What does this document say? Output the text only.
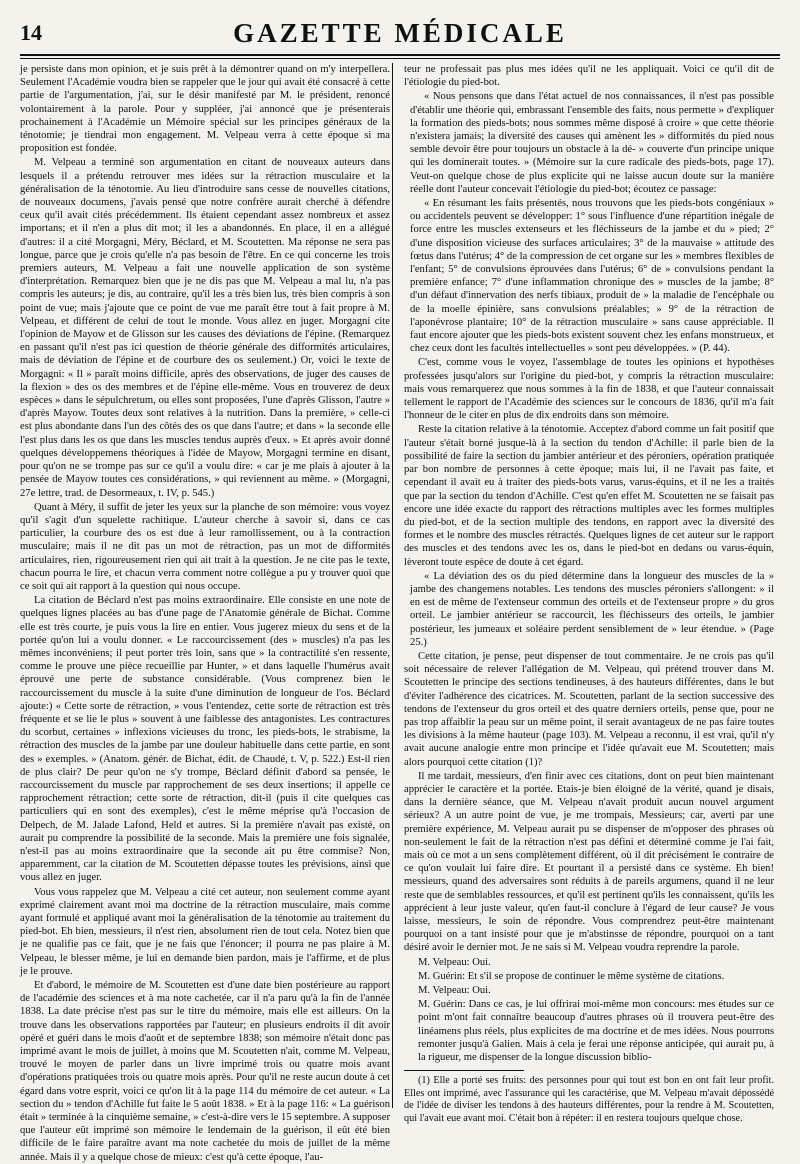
14	GAZETTE MÉDICALE

je persiste dans mon opinion, et je suis prêt à la démontrer quand on m'y interpellera. Seulement l'Académie voudra bien se rappeler que le jour qui avait été consacré à cette partie de l'argumentation, j'ai, sur le désir manifesté par M. le président, renoncé volontairement à la parole. Pour y suppléer, j'ai annoncé que je présenterais prochainement à l'Académie un Mémoire spécial sur les principes généraux de la ténotomie; je tiendrai mon engagement. M. Velpeau verra à cette époque si ma proposition est fondée.

M. Velpeau a terminé son argumentation en citant de nouveaux auteurs dans lesquels il a prétendu retrouver mes idées sur la rétraction musculaire et la généralisation de la ténotomie. Au lieu d'introduire sans cesse de nouvelles citations, de nouveaux documens, j'avais pensé que notre confrère aurait cherché à défendre ceux qu'il avait cités précédemment. Ils étaient cependant assez nombreux et assez importans; et il n'en a plus dit mot; il les a abandonnés. En place, il en a allégué d'autres: il a cité Morgagni, Méry, Béclard, et M. Scoutetten. Ma réponse ne sera pas longue, parce que je crois qu'elle n'a pas besoin de l'être. En ce qui concerne les trois premiers auteurs, M. Velpeau a fait une nouvelle application de son système d'interprétation. Remarquez bien que je ne dis pas que M. Velpeau a mal lu, n'a pas compris les auteurs; je dis, au contraire, qu'il les a très bien lus, très bien compris à son point de vue; mais j'ajoute que ce point de vue me paraît être tout à fait propre à M. Velpeau, et différent de celui de tout le monde. Vous allez en juger. Morgagni cite l'opinion de Mayow et de Glisson sur les causes des déviations de l'épine. (Remarquez en passant qu'il n'est pas ici question de théorie générale des difformités articulaires, mais de déviation de l'épine et de courbure des os seulement.) Or, voici le texte de Morgagni: « Il » paraît moins difficile, après des observations, de juger des causes de la flexion » des os des membres et de l'épine elle-même. Vous en trouverez de deux espèces » dans le sépulchretum, ou elles sont proposées, l'une d'après Glisson, l'autre » d'après Mayow. Toutes deux sont relatives à la nutrition. Dans la première, » celle-ci est plus abondante dans l'un des côtés des os que dans l'autre; et dans » la seconde elle l'est plus dans les os que dans les muscles tendus auprès d'eux. » Et après avoir donné quelques développemens théoriques à l'idée de Mayow, Morgagni termine en disant, pour qu'on ne se trompe pas sur ce qu'il a voulu dire: « car je me plais à ajouter à la pensée de Mayow toutes ces considérations, » qui reviennent au même. » (Morgagni, 27e lettre, trad. de Desormeaux, t. IV, p. 545.)

Quant à Méry, il suffit de jeter les yeux sur la planche de son mémoire: vous voyez qu'il s'agit d'un squelette rachitique. L'auteur cherche à savoir si, dans ce cas particulier, la courbure des os est due à leur ramollissement, ou à la contraction musculaire; mais il ne dit pas un mot de rétraction, pas un mot de difformités articulaires, rien, rigoureusement rien qui ait trait à la question. Je ne cite pas le texte, chacun pourra le lire, et chacun verra comment notre collègue a pu y trouver quoi que ce soit qui ait rapport à la question qui nous occupe.

La citation de Béclard n'est pas moins extraordinaire. Elle consiste en une note de quelques lignes placées au bas d'une page de l'Anatomie générale de Bichat. Comme elle est très courte, je puis vous la lire en entier. Vous jugerez mieux du sens et de la portée qu'on lui a voulu donner. « Le raccourcissement (des » muscles) n'a pas les mêmes inconvéniens; il peut porter très loin, sans que » la contractilité s'en ressente, comme le prouve une pièce recueillie par Hunter, » et dans laquelle l'humérus avait éprouvé une perte de substance considérable. (Vous comprenez bien le raccourcissement du muscle à la suite d'une diminution de longueur de l'os. Béclard ajoute:) « Cette sorte de rétraction, » vous l'entendez, cette sorte de rétraction est très fréquente et se lie le plus » souvent à une faiblesse des antagonistes. Les contractures du scorbut, certaines » inflexions vicieuses du tronc, les pieds-bots, le strabisme, la rétraction des muscles de la jambe par une douleur habituelle dans cette partie, en sont des » exemples. » (Anatom. génér. de Bichat, édit. de Chaudé, t. V, p. 522.) Est-il rien de plus clair? De peur qu'on ne s'y trompe, Béclard définit d'abord sa pensée, le raccourcissement du muscle par rapprochement de ses deux insertions; il appelle ce rapprochement rétraction; cette sorte de rétraction, dit-il (puis il cite quelques cas particuliers qui en sont des exemples), c'est le même méprise qu'à l'occasion de Delpech, de M. Jalade Lafond, Held et autres. Si la première n'avait pas existé, on aurait pu comprendre la possibilité de la seconde. Mais la première une fois signalée, n'est-il pas au moins extraordinaire que la seconde ait pu être commise? Non, apparemment, car la citation de M. Scoutetten dépasse toutes les prévisions, ainsi que vous allez en juger.

Vous vous rappelez que M. Velpeau a cité cet auteur, non seulement comme ayant exprimé clairement avant moi ma doctrine de la rétraction musculaire, mais comme ayant formulé et appliqué avant moi la généralisation de la ténotomie au traitement du pied-bot. Eh bien, messieurs, il n'est rien, absolument rien de tout cela. Notez bien que je ne qualifie pas ce fait, que je ne fais que l'énoncer; il pourra ne pas plaire à M. Velpeau, le blesser même, je lui en demande bien pardon, mais je l'affirme, et de plus je le prouve.

Et d'abord, le mémoire de M. Scoutetten est d'une date bien postérieure au rapport de l'académie des sciences et à ma note cachetée, car il n'a paru qu'à la fin de l'année 1838. La date précise n'est pas sur le titre du mémoire, mais elle est ailleurs. On la trouve dans les observations rapportées par l'auteur; en plusieurs endroits il dit avoir opéré et guéri dans le mois d'août et de septembre 1838; son mémoire n'était donc pas imprimé avant le mois de juillet, à moins que M. Scoutetten n'ait, comme M. Velpeau, trouvé le moyen de parler dans un livre imprimé trois ou quatre mois avant d'opérations pratiquées trois ou quatre mois après. Pour qu'il ne reste aucun doute à cet égard dans votre esprit, voici ce qu'on lit à la page 114 du mémoire de cet auteur. « La section du » tendon d'Achille fut faite le 5 août 1838. » Et à la page 116: « La guérison était » terminée à la cinquième semaine, » c'est-à-dire vers le 15 septembre. A supposer que l'auteur eût imprimé son mémoire le lendemain de la guérison, il eût été bien difficile de le faire paraître avant ma note cachetée du mois de juillet de la même année. Mais il y a quelque chose de mieux: c'est qu'à cette époque, l'au-

teur ne professait pas plus mes idées qu'il ne les appliquait. Voici ce qu'il dit de l'étiologie du pied-bot.

« Nous pensons que dans l'état actuel de nos connaissances, il n'est pas possible d'établir une théorie qui, embrassant l'ensemble des faits, nous permette » d'expliquer la formation des pieds-bots; nous sommes même disposé à croire » que cette théorie n'existera jamais; la diversité des causes qui amènent les » difformités du pied nous semble devoir être pour toujours un obstacle à la dé- » couverte d'un principe unique qui les dominerait toutes. » (Mémoire sur la cure radicale des pieds-bots, page 17). Veut-on quelque chose de plus explicite qui ne laisse aucun doute sur la manière réelle dont l'auteur concevait l'étiologie du pied-bot; écoutez ce passage:

« En résumant les faits présentés, nous trouvons que les pieds-bots congéniaux » ou accidentels peuvent se développer: 1° sous l'influence d'une répartition inégale de force entre les muscles extenseurs et les fléchisseurs de la jambe et du » pied; 2° d'une disposition vicieuse des surfaces articulaires; 3° de la mauvaise » attitude des fœtus dans l'utérus; 4° de la compression de cet organe sur les » membres flexibles de l'enfant; 5° de convulsions éprouvées dans l'utérus; 6° de » convulsions pendant la première enfance; 7° d'une inflammation chronique des » muscles de la jambe; 8° d'un défaut d'innervation des nerfs tibiaux, produit de » la maladie de l'encéphale ou de la moelle épinière, sans convulsions préalables; » 9° de la rétraction de l'aponévrose plantaire; 10° de la rétraction musculaire » sans cause appréciable. Il faut encore ajouter que les pieds-bots existent souvent chez les enfans monstrueux, et chez ceux dont les facultés intellectuelles » sont peu développées. » (P. 44).

C'est, comme vous le voyez, l'assemblage de toutes les opinions et hypothèses professées jusqu'alors sur l'origine du pied-bot, y compris la rétraction musculaire: mais vous remarquerez que nous sommes à la fin de 1838, et que l'auteur connaissait tellement le rapport de l'Académie des sciences sur le concours de 1836, qu'il m'a fait l'honneur de le citer en plus de dix endroits dans son mémoire.

Reste la citation relative à la ténotomie. Acceptez d'abord comme un fait positif que l'auteur s'était borné jusque-là à la section du tendon d'Achille: il parle bien de la possibilité de faire la section du jambier antérieur et des péroniers, opération pratiquée par bon nombre de personnes à cette époque; mais lui, il ne l'avait pas faite, et cependant il avait eu à traiter des pieds-bots varus, varus-équins, et il ne les a traités que par la section du tendon d'Achille. C'est qu'en effet M. Scoutetten ne se faisait pas encore une idée exacte du rapport des rétractions multiples avec les formes multiples du pied-bot, et de la section multiple des tendons, en rapport avec la diversité des formes et le nombre des muscles rétractés. Quelques lignes de cet auteur sur le rapport des muscles et des tendons avec les os, dans le pied-bot en dedans ou varus-équin, lèveront toute espèce de doute à cet égard.

« La déviation des os du pied détermine dans la longueur des muscles de la » jambe des changemens notables. Les tendons des muscles péroniers s'allongent: » il en est de même de l'extenseur commun des orteils et de l'extenseur propre » du gros orteil. Le jambier antérieur se raccourcit, les fléchisseurs des orteils, le jambier postérieur, les jumeaux et soléaire perdent sensiblement de » leur étendue. » (Page 25.)

Cette citation, je pense, peut dispenser de tout commentaire. Je ne crois pas qu'il soit nécessaire de relever l'allégation de M. Velpeau, qui prétend trouver dans M. Scoutetten le principe des sections tendineuses, à des hauteurs différentes, dans le but d'éviter l'adhérence des cicatrices. M. Scoutetten, parlant de la section successive des tendons de l'extenseur du gros orteil et des quatre derniers orteils, pense que, pour ne pas trop affaiblir la peau sur un même point, il serait avantageux de ne pas faire toutes les divisions à la même hauteur (page 103). M. Velpeau a reconnu, il est vrai, qu'il n'y avait aucune analogie entre mon principe et l'idée qu'avait eue M. Scoutetten; mais alors pourquoi cette citation (1)?

Il me tardait, messieurs, d'en finir avec ces citations, dont on peut bien maintenant apprécier le caractère et la portée. Etais-je bien éloigné de la vérité, quand je disais, dans la dernière séance, que M. Velpeau n'avait produit aucun nouvel argument sérieux? A un autre point de vue, je me trompais, Messieurs; car, averti par une première expérience, M. Velpeau aurait pu se dispenser de m'opposer des phrases où non-seulement le fait de la rétraction n'est pas défini et déterminé comme je l'ai fait, mais où ce mot a un sens complètement différent, où il dit précisément le contraire de ce qu'on voulait lui faire dire. Et pourtant il a persisté dans ce système. Eh bien! messieurs, quand des adversaires sont réduits à de pareils argumens, quand il ne leur reste que de semblables ressources, et qu'il est pertinent qu'ils les connaissent, qu'ils les apprécient à leur juste valeur, qu'en faut-il conclure à l'égard de leur cause? Je vous laisse, messieurs, le soin de répondre. Vous comprendrez peut-être maintenant pourquoi on a tant insisté pour que je m'abstinsse de répondre, pourquoi on a tant désiré avoir le dernier mot. Je ne sais si M. Velpeau voudra reprendre la parole.

M. Velpeau: Oui.

M. Guérin: Et s'il se propose de continuer le même système de citations.

M. Velpeau: Oui.

M. Guérin: Dans ce cas, je lui offrirai moi-même mon concours: mes études sur ce point m'ont fait connaître beaucoup d'autres phrases où il trouvera peut-être des linéamens plus réels, plus explicites de ma doctrine et de mes idées. Nous pourrons remonter jusqu'à Galien. Mais à cela je ferai une réponse anticipée, qui aurait pu, à la rigueur, me dispenser de la longue discussion biblio-

(1) Elle a porté ses fruits: des personnes pour qui tout est bon en ont fait leur profit. Elles ont imprimé, avec l'assurance qui les caractérise, que M. Velpeau m'avait dépossédé de l'idée de diviser les tendons à des hauteurs différentes, pour la rendre à M. Scoutetten, qui l'avait eue avant moi. C'était bon à répéter: il en restera toujours quelque chose.
